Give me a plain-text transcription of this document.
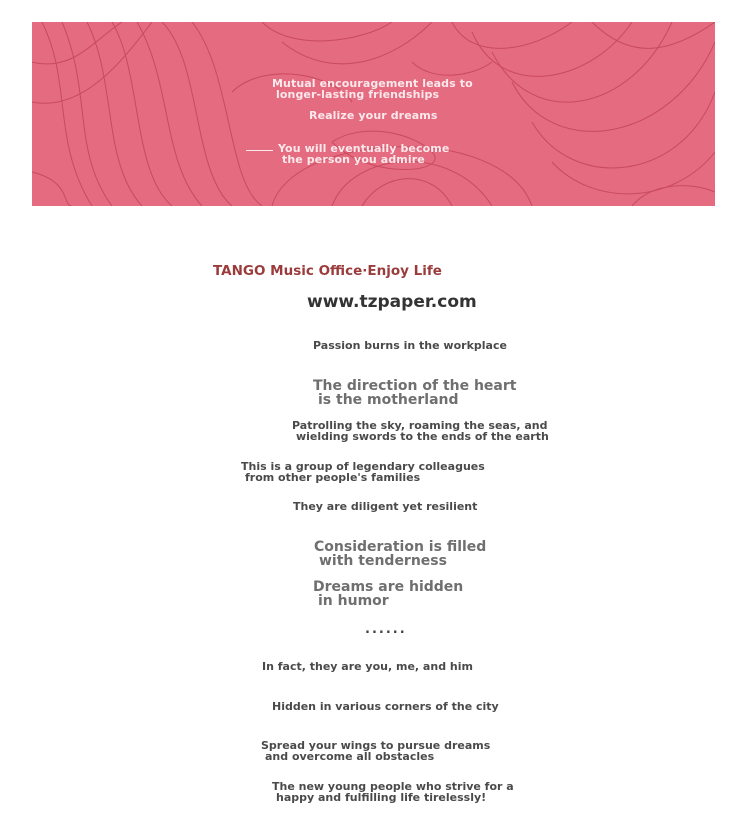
Mutual encouragement leads to
longer-lasting friendships
Realize your dreams
You will eventually become
the person you admire
TANGO Music Office·Enjoy Life
www.tzpaper.com
Passion burns in the workplace
The direction of the heart
is the motherland
Patrolling the sky, roaming the seas, and
wielding swords to the ends of the earth
This is a group of legendary colleagues
from other people's families
They are diligent yet resilient
Consideration is filled
with tenderness
Dreams are hidden
in humor
......
In fact, they are you, me, and him
Hidden in various corners of the city
Spread your wings to pursue dreams
and overcome all obstacles
The new young people who strive for a
happy and fulfilling life tirelessly!
